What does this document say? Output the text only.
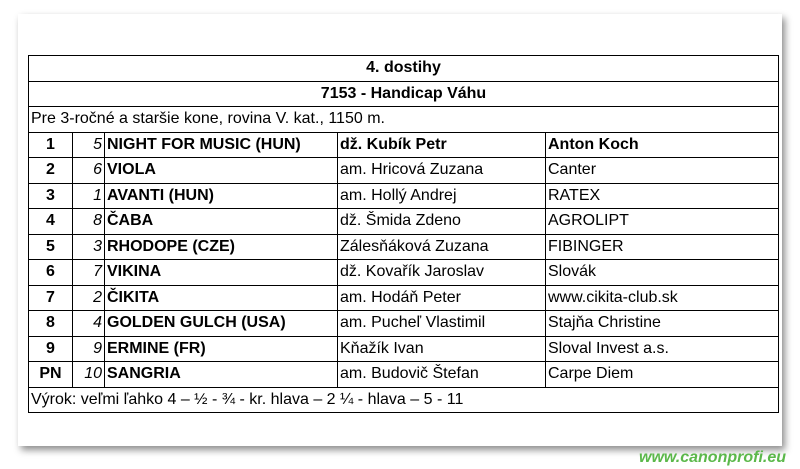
4. dostihy				
7153 - Handicap Váhu				
Pre 3-ročné a staršie kone, rovina V. kat., 1150 m.				
1	5	NIGHT FOR MUSIC (HUN)	dž. Kubík Petr	Anton Koch
2	6	VIOLA	am. Hricová Zuzana	Canter
3	1	AVANTI (HUN)	am. Hollý Andrej	RATEX
4	8	ČABA	dž. Šmida Zdeno	AGROLIPT
5	3	RHODOPE (CZE)	Zálesňáková Zuzana	FIBINGER
6	7	VIKINA	dž. Kovařík Jaroslav	Slovák
7	2	ČIKITA	am. Hodáň Peter	www.cikita-club.sk
8	4	GOLDEN GULCH (USA)	am. Pucheľ Vlastimil	Stajňa Christine
9	9	ERMINE (FR)	Kňažík Ivan	Sloval Invest a.s.
PN	10	SANGRIA	am. Budovič Štefan	Carpe Diem
Výrok: veľmi ľahko 4 – ½ - ¾ - kr. hlava – 2 ¼ - hlava – 5 - 11				
www.canonprofi.eu
